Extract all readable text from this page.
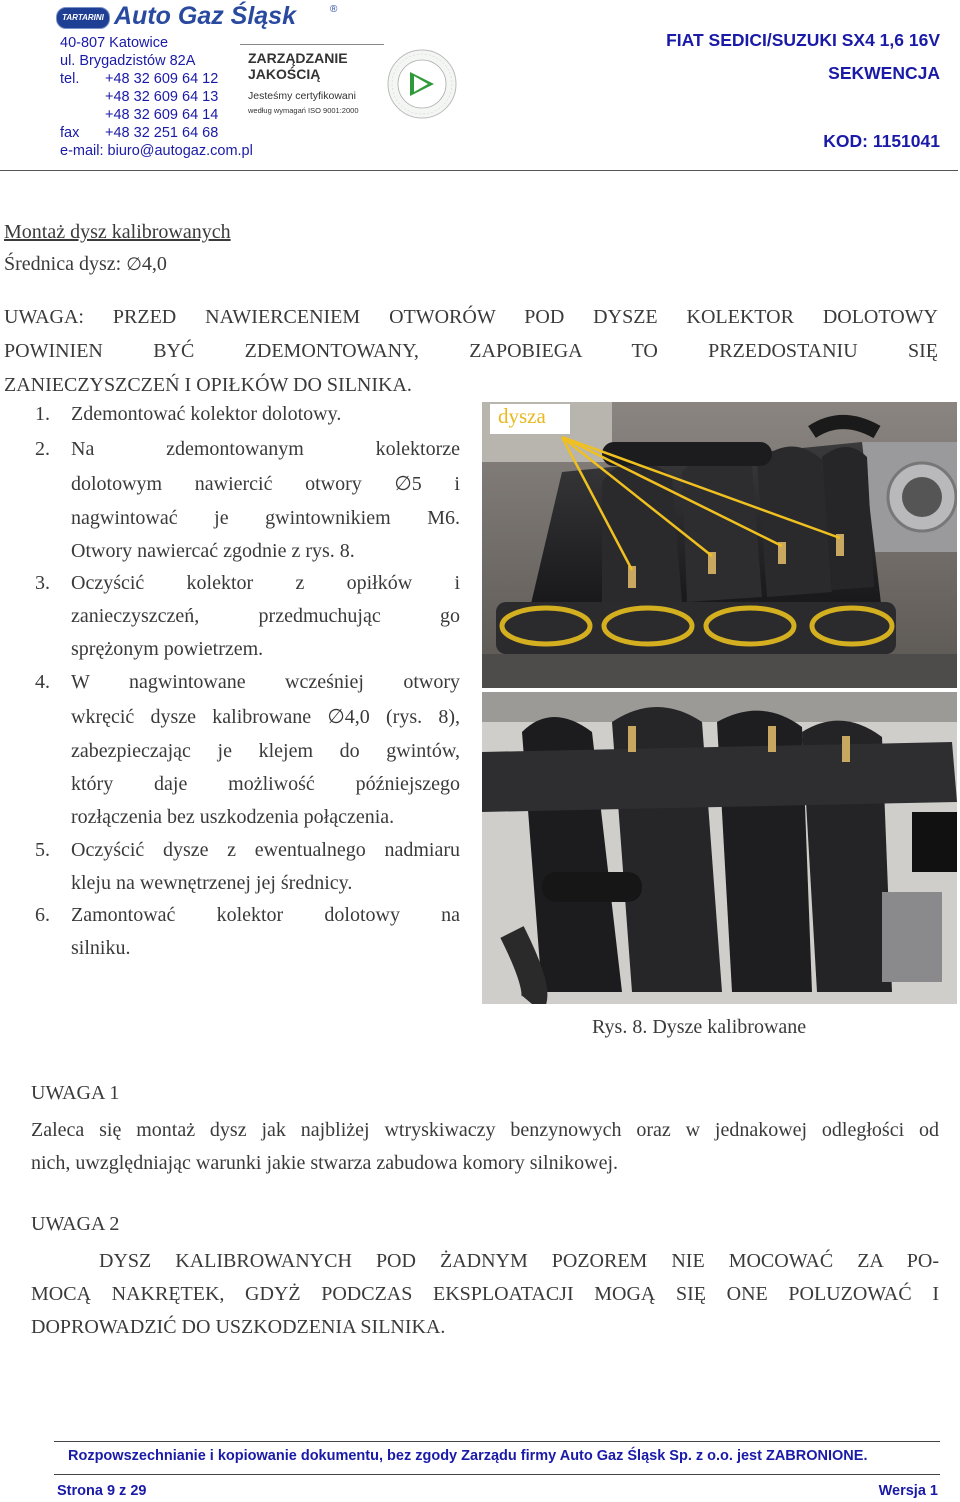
TARTARINI Auto Gaz Śląsk	®
40-807 Katowice
ul. Brygadzistów 82A
tel. +48 32 609 64 12
+48 32 609 64 13
+48 32 609 64 14
fax +48 32 251 64 68
e-mail: biuro@autogaz.com.pl
ZARZĄDZANIE
JAKOŚCIĄ
Jesteśmy certyfikowani
według wymagań ISO 9001:2000
FIAT SEDICI/SUZUKI SX4 1,6 16V
SEKWENCJA
KOD: 1151041
Montaż dysz kalibrowanych
Średnica dysz: ∅4,0
UWAGA: PRZED NAWIERCENIEM OTWORÓW POD DYSZE KOLEKTOR DOLOTOWY
POWINIEN BYĆ ZDEMONTOWANY, ZAPOBIEGA TO PRZEDOSTANIU SIĘ
ZANIECZYSZCZEŃ I OPIŁKÓW DO SILNIKA.
1. Zdemontować kolektor dolotowy.
2. Na zdemontowanym kolektorze
dolotowym nawiercić otwory ∅5 i
nagwintować je gwintownikiem M6.
Otwory nawiercać zgodnie z rys. 8.
3. Oczyścić kolektor z opiłków i
zanieczyszczeń, przedmuchując go
sprężonym powietrzem.
4. W nagwintowane wcześniej otwory
wkręcić dysze kalibrowane ∅4,0 (rys. 8),
zabezpieczając je klejem do gwintów,
który daje możliwość późniejszego
rozłączenia bez uszkodzenia połączenia.
5. Oczyścić dysze z ewentualnego nadmiaru
kleju na wewnętrzenej jej średnicy.
6. Zamontować kolektor dolotowy na
silniku.
dysza
Rys. 8. Dysze kalibrowane
UWAGA 1
Zaleca się montaż dysz jak najbliżej wtryskiwaczy benzynowych oraz w jednakowej odległości od
nich, uwzględniając warunki jakie stwarza zabudowa komory silnikowej.
UWAGA 2
DYSZ KALIBROWANYCH POD ŻADNYM POZOREM NIE MOCOWAĆ ZA PO-
MOCĄ NAKRĘTEK, GDYŻ PODCZAS EKSPLOATACJI MOGĄ SIĘ ONE POLUZOWAĆ I
DOPROWADZIĆ DO USZKODZENIA SILNIKA.
Rozpowszechnianie i kopiowanie dokumentu, bez zgody Zarządu firmy Auto Gaz Śląsk Sp. z o.o. jest ZABRONIONE.
Strona 9 z 29	Wersja 1
